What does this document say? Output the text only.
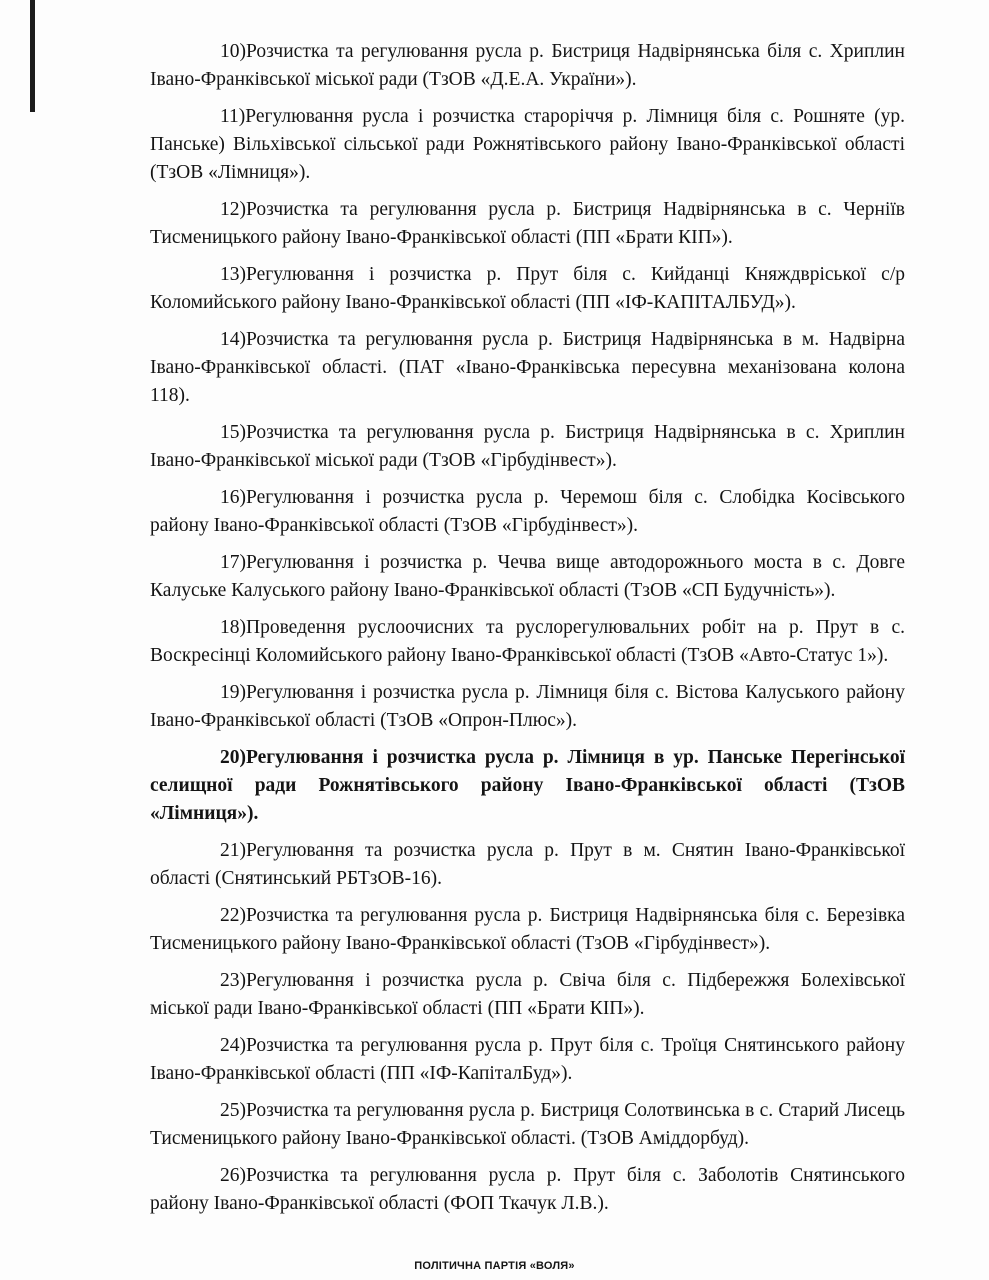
10)Розчистка та регулювання русла р. Бистриця Надвірнянська біля с. Хриплин Івано-Франківської міської ради (ТзОВ «Д.Е.А. України»).

11)Регулювання русла і розчистка старорiччя р. Лімниця біля с. Рошняте (ур. Панське) Вільхівської сільської ради Рожнятівського району Івано-Франківської області (ТзОВ «Лімниця»).

12)Розчистка та регулювання русла р. Бистриця Надвірнянська в с. Черніїв Тисменицького району Івано-Франківської області (ПП «Брати КІП»).

13)Регулювання і розчистка р. Прут біля с. Кийданці Княждвріської с/р Коломийського району Івано-Франківської області (ПП «ІФ-КАПІТАЛБУД»).

14)Розчистка та регулювання русла р. Бистриця Надвірнянська в м. Надвірна Івано-Франківської області. (ПАТ «Івано-Франківська пересувна механізована колона 118).

15)Розчистка та регулювання русла р. Бистриця Надвірнянська в с. Хриплин Івано-Франківської міської ради (ТзОВ «Гірбудінвест»).

16)Регулювання і розчистка русла р. Черемош біля с. Слобідка Косівського району Івано-Франківської області (ТзОВ «Гірбудінвест»).

17)Регулювання і розчистка р. Чечва вище автодорожнього моста в с. Довге Калуське Калуського району Івано-Франківської області (ТзОВ «СП Будучність»).

18)Проведення руслоочисних та руслорегулювальних робіт на р. Прут в с. Воскресінці Коломийського району Івано-Франківської області (ТзОВ «Авто-Статус 1»).

19)Регулювання і розчистка русла р. Лімниця біля с. Вістова Калуського району Івано-Франківської області (ТзОВ «Опрон-Плюс»).

20)Регулювання і розчистка русла р. Лімниця в ур. Панське Перегінської селищної ради Рожнятівського району Івано-Франківської області (ТзОВ «Лімниця»).

21)Регулювання та розчистка русла р. Прут в м. Снятин Івано-Франківської області (Снятинський РБТзОВ-16).

22)Розчистка та регулювання русла р. Бистриця Надвірнянська біля с. Березівка Тисменицького району Івано-Франківської області (ТзОВ «Гірбудінвест»).

23)Регулювання і розчистка русла р. Свіча біля с. Підбережжя Болехівської міської ради Івано-Франківської області (ПП «Брати КІП»).

24)Розчистка та регулювання русла р. Прут біля с. Троїця Снятинського району Івано-Франківської області (ПП «ІФ-КапіталБуд»).

25)Розчистка та регулювання русла р. Бистриця Солотвинська в с. Старий Лисець Тисменицького району Івано-Франківської області. (ТзОВ Аміддорбуд).

26)Розчистка та регулювання русла р. Прут біля с. Заболотів Снятинського району Івано-Франківської області (ФОП Ткачук Л.В.).

ПОЛІТИЧНА ПАРТІЯ «ВОЛЯ»
